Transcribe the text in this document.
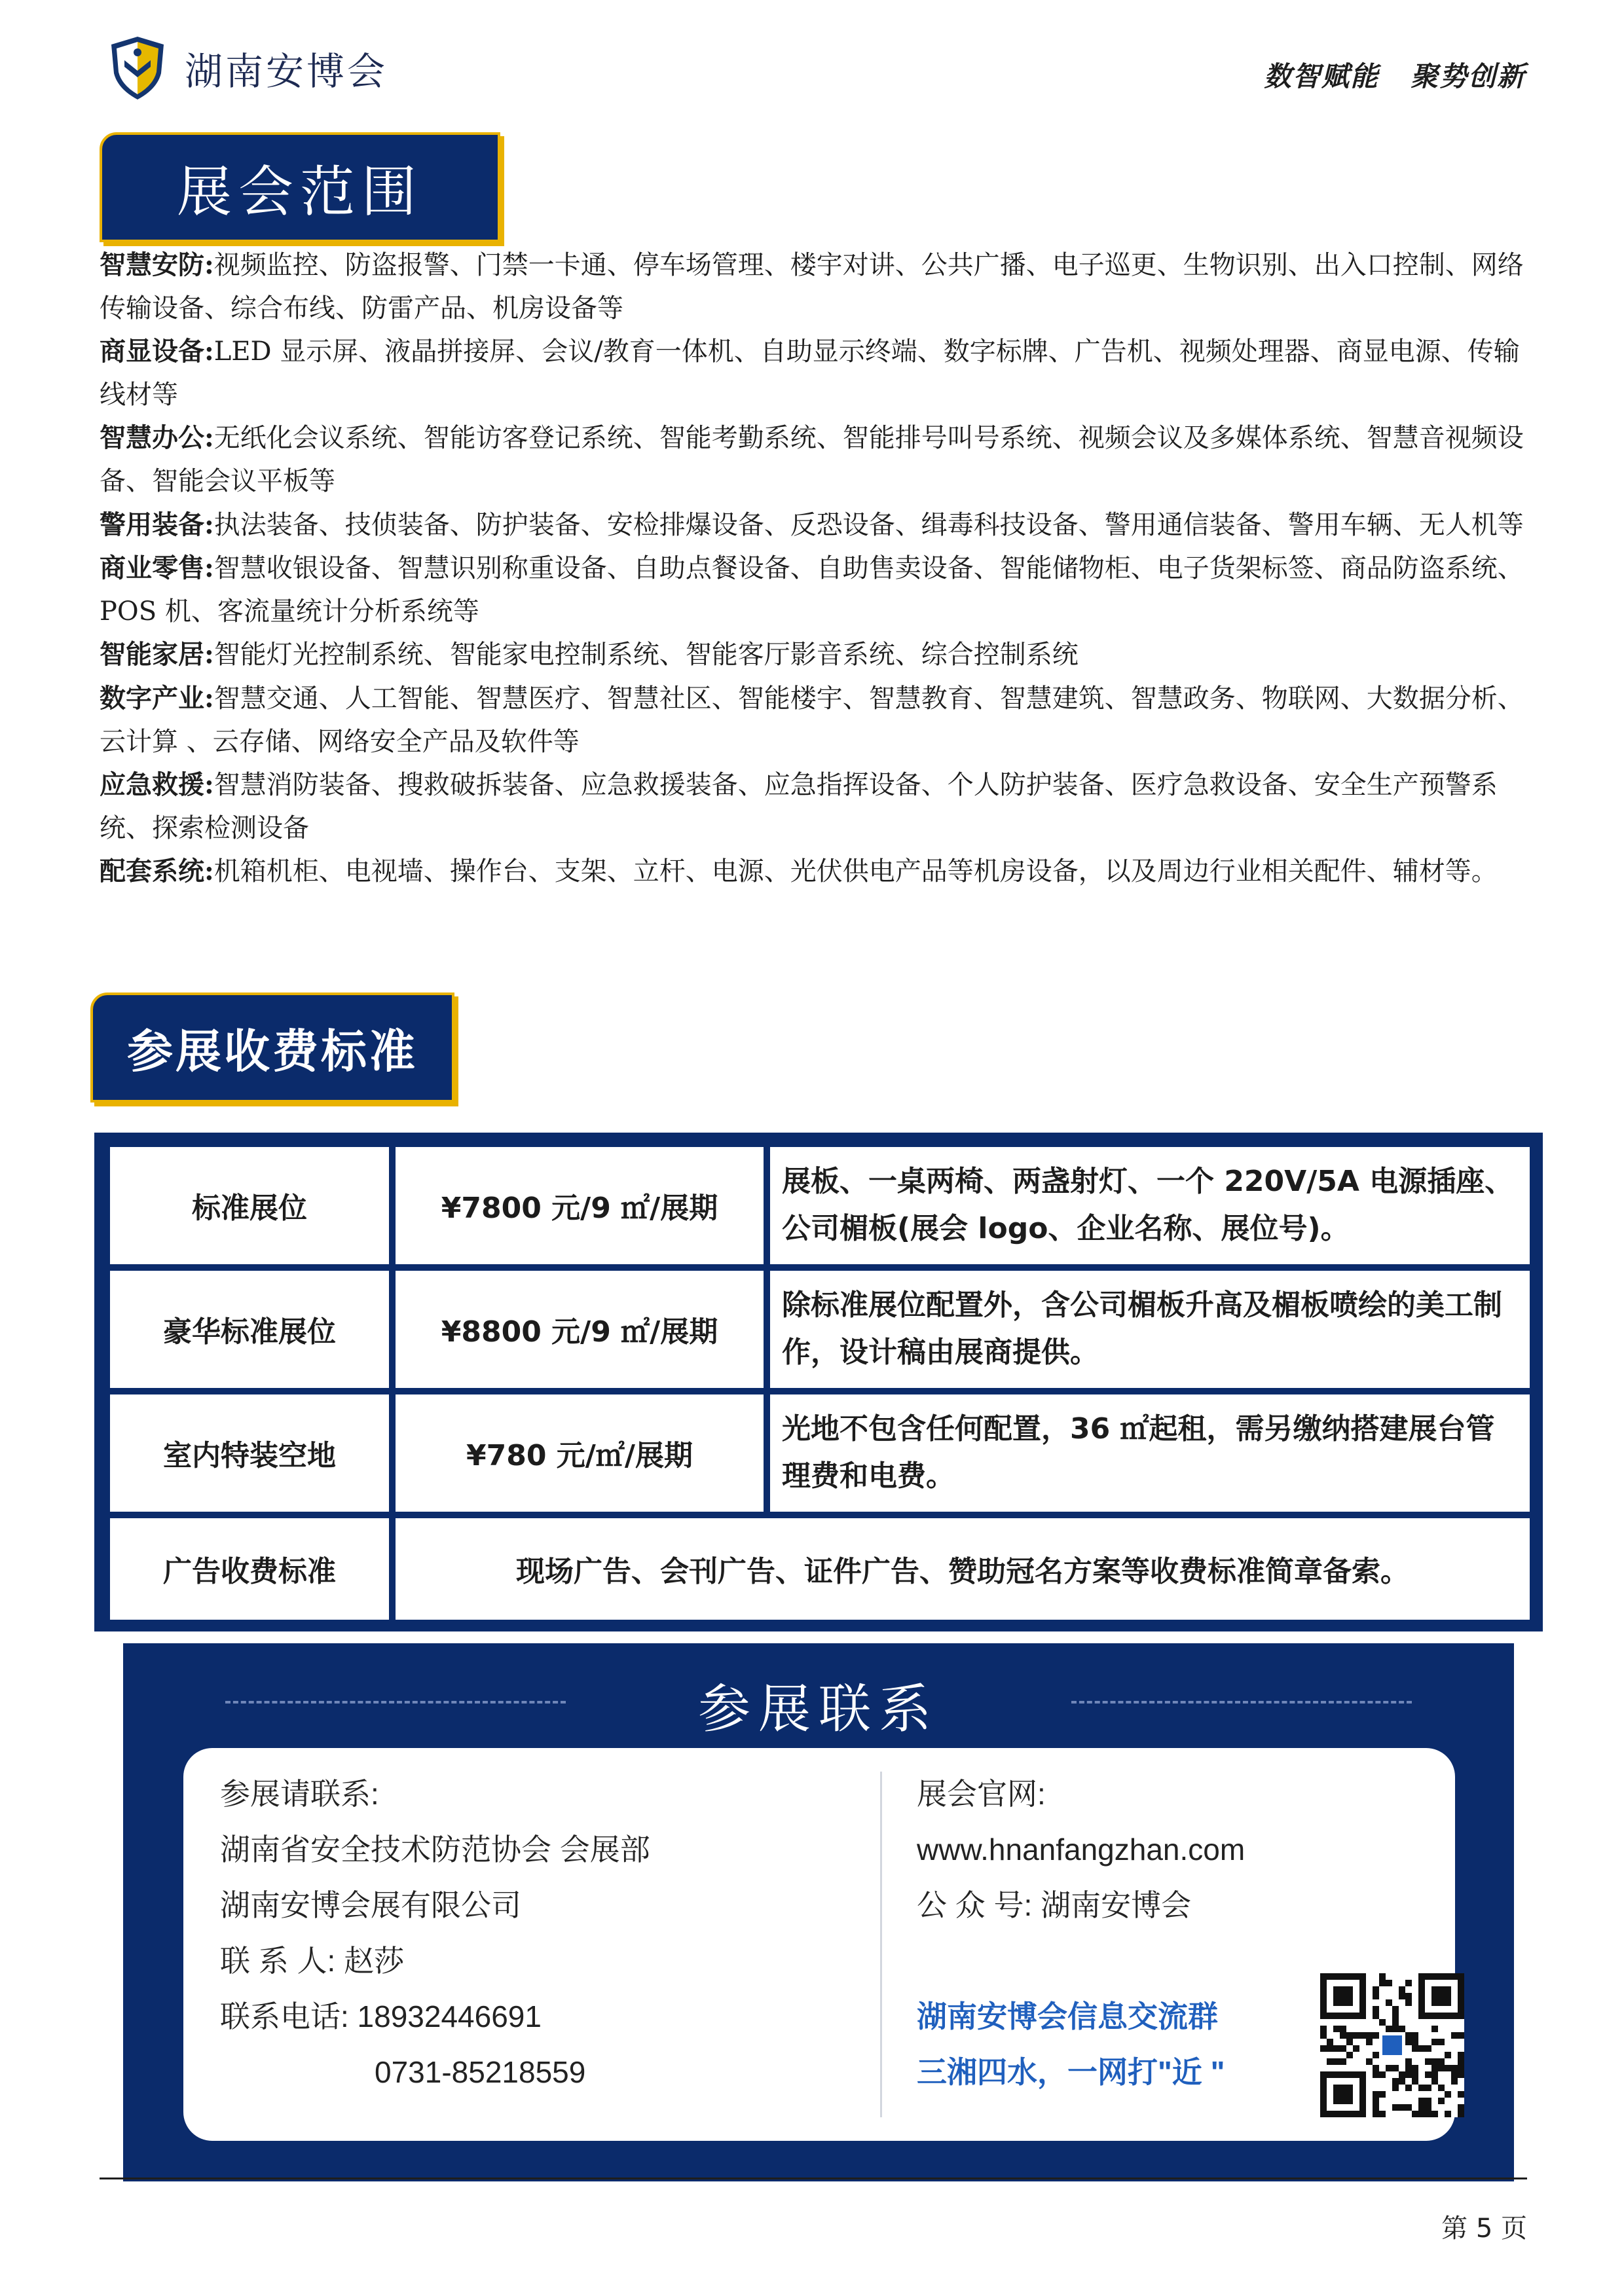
湖南安博会	数智赋能 聚势创新
展会范围

智慧安防:视频监控、防盗报警、门禁一卡通、停车场管理、楼宇对讲、公共广播、电子巡更、生物识别、出入口控制、网络传输设备、综合布线、防雷产品、机房设备等

商显设备:LED 显示屏、液晶拼接屏、会议/教育一体机、自助显示终端、数字标牌、广告机、视频处理器、商显电源、传输线材等

智慧办公:无纸化会议系统、智能访客登记系统、智能考勤系统、智能排号叫号系统、视频会议及多媒体系统、智慧音视频设备、智能会议平板等

警用装备:执法装备、技侦装备、防护装备、安检排爆设备、反恐设备、缉毒科技设备、警用通信装备、警用车辆、无人机等

商业零售:智慧收银设备、智慧识别称重设备、自助点餐设备、自助售卖设备、智能储物柜、电子货架标签、商品防盗系统、POS 机、客流量统计分析系统等

智能家居:智能灯光控制系统、智能家电控制系统、智能客厅影音系统、综合控制系统

数字产业:智慧交通、人工智能、智慧医疗、智慧社区、智能楼宇、智慧教育、智慧建筑、智慧政务、物联网、大数据分析、云计算 、云存储、网络安全产品及软件等

应急救援:智慧消防装备、搜救破拆装备、应急救援装备、应急指挥设备、个人防护装备、医疗急救设备、安全生产预警系统、探索检测设备

配套系统:机箱机柜、电视墙、操作台、支架、立杆、电源、光伏供电产品等机房设备，以及周边行业相关配件、辅材等。

参展收费标准
标准展位	¥7800 元/9 ㎡/展期	展板、一桌两椅、两盏射灯、一个 220V/5A 电源插座、公司楣板(展会 logo、企业名称、展位号)。
豪华标准展位	¥8800 元/9 ㎡/展期	除标准展位配置外，含公司楣板升高及楣板喷绘的美工制作，设计稿由展商提供。
室内特装空地	¥780 元/㎡/展期	光地不包含任何配置，36 ㎡起租，需另缴纳搭建展台管理费和电费。
广告收费标准	现场广告、会刊广告、证件广告、赞助冠名方案等收费标准简章备索。	
参展联系
参展请联系:
湖南省安全技术防范协会 会展部
湖南安博会展有限公司
联 系 人: 赵莎
联系电话: 18932446691
0731-85218559
展会官网:
www.hnanfangzhan.com
公 众 号: 湖南安博会
湖南安博会信息交流群
三湘四水，一网打"近 "
第 5 页
